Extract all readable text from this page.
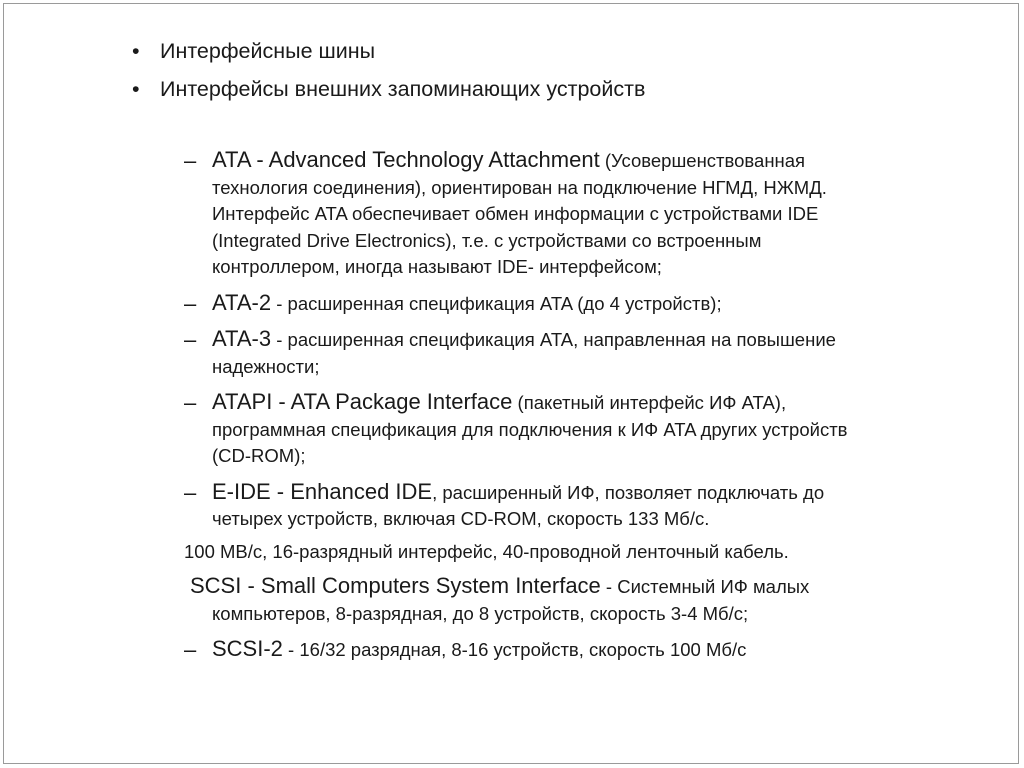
• Интерфейсные шины
• Интерфейсы внешних запоминающих устройств
– ATA - Advanced Technology Attachment (Усовершенствованная
технология соединения), ориентирован на подключение НГМД, НЖМД.
Интерфейс ATA обеспечивает обмен информации с устройствами IDE
(Integrated Drive Electronics), т.е. с устройствами со встроенным
контроллером, иногда называют IDE- интерфейсом;
– ATA-2 - расширенная спецификация ATA (до 4 устройств);
– ATA-3 - расширенная спецификация ATA, направленная на повышение
надежности;
– ATAPI - ATA Package Interface (пакетный интерфейс ИФ ATA),
программная спецификация для подключения к ИФ ATA других устройств
(CD-ROM);
– E-IDE - Enhanced IDE, расширенный ИФ, позволяет подключать до
четырех устройств, включая CD-ROM, скорость 133 Мб/с.
100 МВ/с, 16-разрядный интерфейс, 40-проводной ленточный кабель.
SCSI - Small Computers System Interface - Системный ИФ малых
компьютеров, 8-разрядная, до 8 устройств, скорость 3-4 Мб/с;
– SCSI-2 - 16/32 разрядная, 8-16 устройств, скорость 100 Мб/с
